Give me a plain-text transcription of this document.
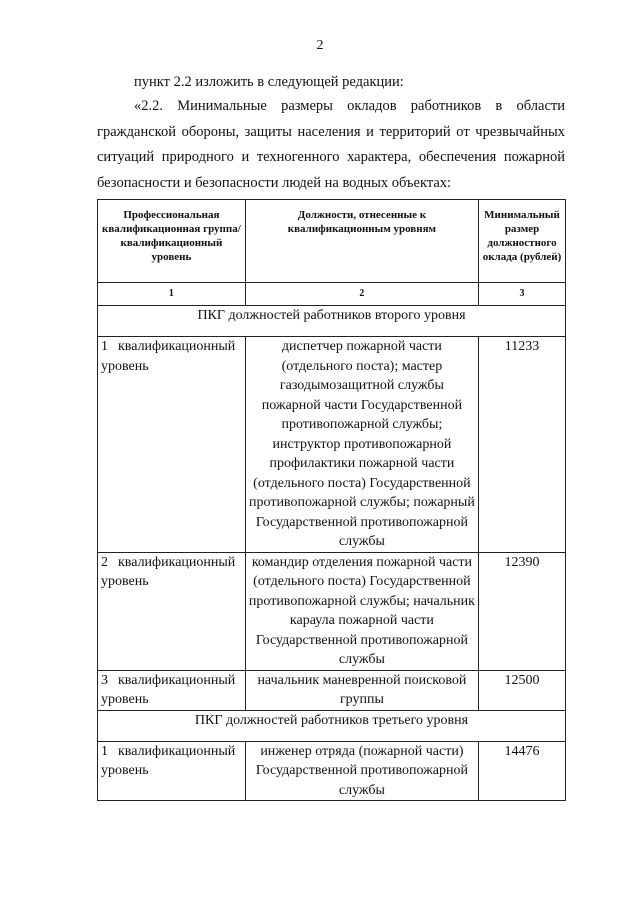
2
пункт 2.2 изложить в следующей редакции:
«2.2. Минимальные размеры окладов работников в области гражданской обороны, защиты населения и территорий от чрезвычайных ситуаций природного и техногенного характера, обеспечения пожарной безопасности и безопасности людей на водных объектах:
Профессиональная квалификационная группа/ квалификационный уровень	Должности, отнесенные к квалификационным уровням	Минимальный размер должностного оклада (рублей)
1	2	3
ПКГ должностей работников второго уровня		
1 квалификационный уровень	диспетчер пожарной части (отдельного поста); мастер газодымозащитной службы пожарной части Государственной противопожарной службы; инструктор противопожарной профилактики пожарной части (отдельного поста) Государственной противопожарной службы; пожарный Государственной противопожарной службы	11233
2 квалификационный уровень	командир отделения пожарной части (отдельного поста) Государственной противопожарной службы; начальник караула пожарной части Государственной противопожарной службы	12390
3 квалификационный уровень	начальник маневренной поисковой группы	12500
ПКГ должностей работников третьего уровня		
1 квалификационный уровень	инженер отряда (пожарной части) Государственной противопожарной службы	14476
